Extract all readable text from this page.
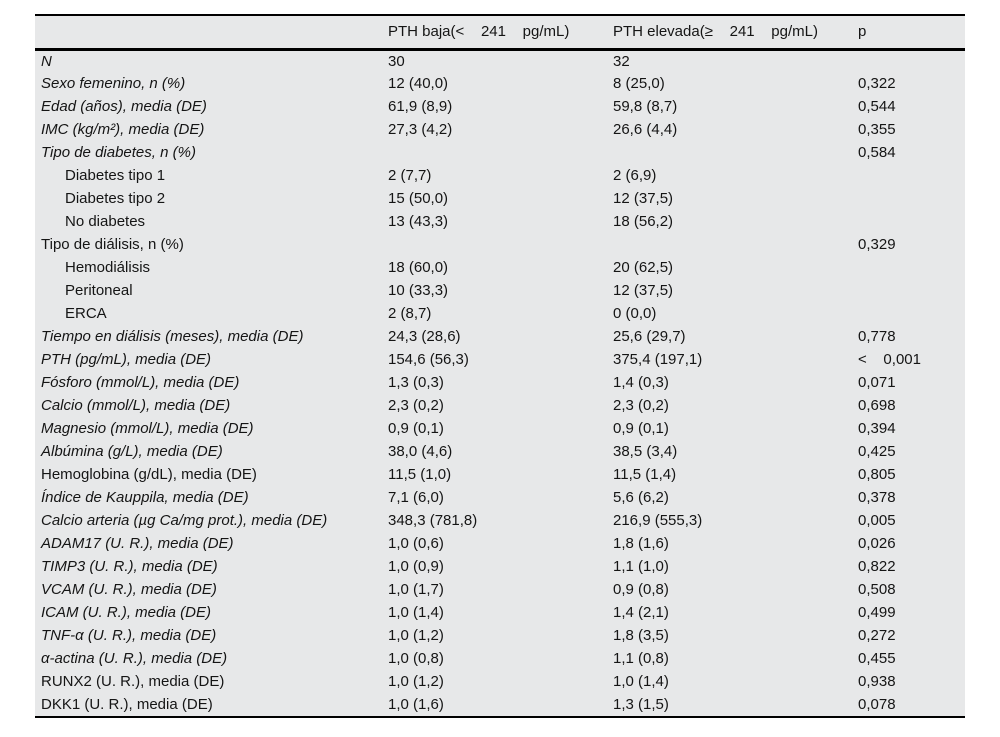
	PTH baja(<    241    pg/mL)	PTH elevada(≥    241    pg/mL)	p
N	30	32	
Sexo femenino, n (%)	12 (40,0)	8 (25,0)	0,322
Edad (años), media (DE)	61,9 (8,9)	59,8 (8,7)	0,544
IMC (kg/m²), media (DE)	27,3 (4,2)	26,6 (4,4)	0,355
Tipo de diabetes, n (%)			0,584
Diabetes tipo 1	2 (7,7)	2 (6,9)	
Diabetes tipo 2	15 (50,0)	12 (37,5)	
No diabetes	13 (43,3)	18 (56,2)	
Tipo de diálisis, n (%)			0,329
Hemodiálisis	18 (60,0)	20 (62,5)	
Peritoneal	10 (33,3)	12 (37,5)	
ERCA	2 (8,7)	0 (0,0)	
Tiempo en diálisis (meses), media (DE)	24,3 (28,6)	25,6 (29,7)	0,778
PTH (pg/mL), media (DE)	154,6 (56,3)	375,4 (197,1)	<    0,001
Fósforo (mmol/L), media (DE)	1,3 (0,3)	1,4 (0,3)	0,071
Calcio (mmol/L), media (DE)	2,3 (0,2)	2,3 (0,2)	0,698
Magnesio (mmol/L), media (DE)	0,9 (0,1)	0,9 (0,1)	0,394
Albúmina (g/L), media (DE)	38,0 (4,6)	38,5 (3,4)	0,425
Hemoglobina (g/dL), media (DE)	11,5 (1,0)	11,5 (1,4)	0,805
Índice de Kauppila, media (DE)	7,1 (6,0)	5,6 (6,2)	0,378
Calcio arteria (µg Ca/mg prot.), media (DE)	348,3 (781,8)	216,9 (555,3)	0,005
ADAM17 (U. R.), media (DE)	1,0 (0,6)	1,8 (1,6)	0,026
TIMP3 (U. R.), media (DE)	1,0 (0,9)	1,1 (1,0)	0,822
VCAM (U. R.), media (DE)	1,0 (1,7)	0,9 (0,8)	0,508
ICAM (U. R.), media (DE)	1,0 (1,4)	1,4 (2,1)	0,499
TNF-α (U. R.), media (DE)	1,0 (1,2)	1,8 (3,5)	0,272
α-actina (U. R.), media (DE)	1,0 (0,8)	1,1 (0,8)	0,455
RUNX2 (U. R.), media (DE)	1,0 (1,2)	1,0 (1,4)	0,938
DKK1 (U. R.), media (DE)	1,0 (1,6)	1,3 (1,5)	0,078
